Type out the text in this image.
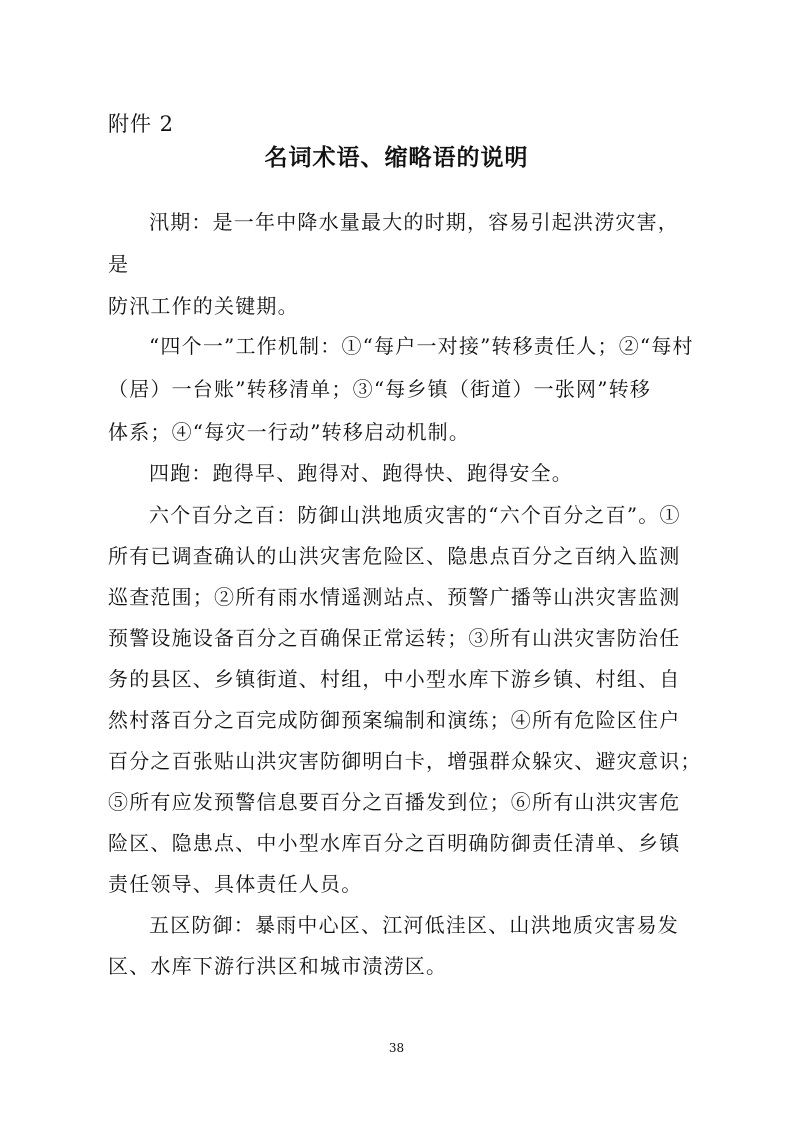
附件 2
名词术语、缩略语的说明
汛期：是一年中降水量最大的时期，容易引起洪涝灾害，
是
防汛工作的关键期。
“四个一”工作机制：①“每户一对接”转移责任人；②“每村
（居）一台账”转移清单；③“每乡镇（街道）一张网”转移
体系；④“每灾一行动”转移启动机制。
四跑：跑得早、跑得对、跑得快、跑得安全。
六个百分之百：防御山洪地质灾害的“六个百分之百”。①
所有已调查确认的山洪灾害危险区、隐患点百分之百纳入监测
巡查范围；②所有雨水情遥测站点、预警广播等山洪灾害监测
预警设施设备百分之百确保正常运转；③所有山洪灾害防治任
务的县区、乡镇街道、村组，中小型水库下游乡镇、村组、自
然村落百分之百完成防御预案编制和演练；④所有危险区住户
百分之百张贴山洪灾害防御明白卡，增强群众躲灾、避灾意识；
⑤所有应发预警信息要百分之百播发到位；⑥所有山洪灾害危
险区、隐患点、中小型水库百分之百明确防御责任清单、乡镇
责任领导、具体责任人员。
五区防御：暴雨中心区、江河低洼区、山洪地质灾害易发
区、水库下游行洪区和城市渍涝区。
38
